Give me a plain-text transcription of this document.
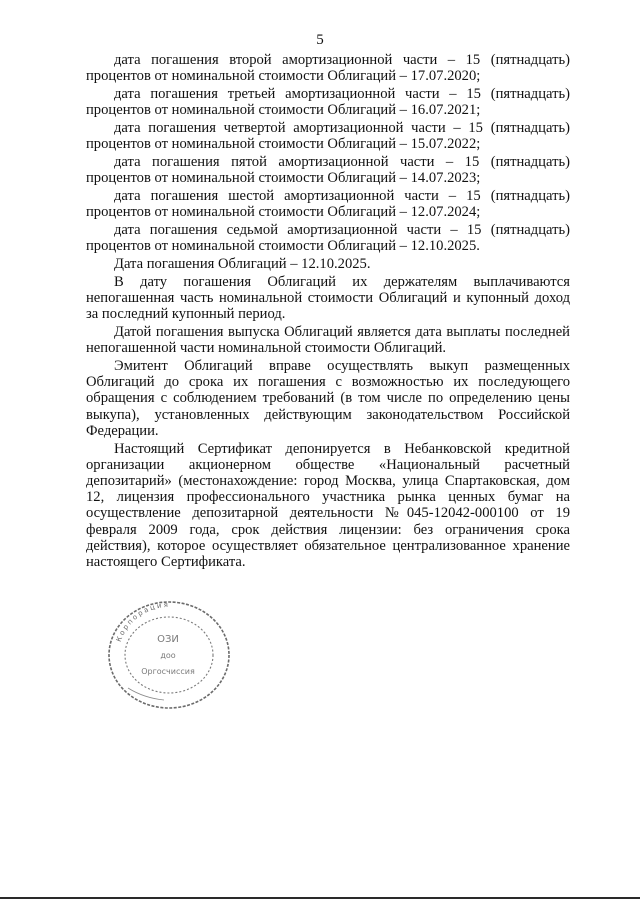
5

дата погашения второй амортизационной части – 15 (пятнадцать) процентов от номинальной стоимости Облигаций – 17.07.2020;

дата погашения третьей амортизационной части – 15 (пятнадцать) процентов от номинальной стоимости Облигаций – 16.07.2021;

дата погашения четвертой амортизационной части – 15 (пятнадцать) процентов от номинальной стоимости Облигаций – 15.07.2022;

дата погашения пятой амортизационной части – 15 (пятнадцать) процентов от номинальной стоимости Облигаций – 14.07.2023;

дата погашения шестой амортизационной части – 15 (пятнадцать) процентов от номинальной стоимости Облигаций – 12.07.2024;

дата погашения седьмой амортизационной части – 15 (пятнадцать) процентов от номинальной стоимости Облигаций – 12.10.2025.

Дата погашения Облигаций – 12.10.2025.

В дату погашения Облигаций их держателям выплачиваются непогашенная часть номинальной стоимости Облигаций и купонный доход за последний купонный период.

Датой погашения выпуска Облигаций является дата выплаты последней непогашенной части номинальной стоимости Облигаций.

Эмитент Облигаций вправе осуществлять выкуп размещенных Облигаций до срока их погашения с возможностью их последующего обращения с соблюдением требований (в том числе по определению цены выкупа), установленных действующим законодательством Российской Федерации.

Настоящий Сертификат депонируется в Небанковской кредитной организации акционерном обществе «Национальный расчетный депозитарий» (местонахождение: город Москва, улица Спартаковская, дом 12, лицензия профессионального участника рынка ценных бумаг на осуществление депозитарной деятельности №045-12042-000100 от 19 февраля 2009 года, срок действия лицензии: без ограничения срока действия), которое осуществляет обязательное централизованное хранение настоящего Сертификата.

Корпорация
ОЗИ
доо
Оргосчиссия
